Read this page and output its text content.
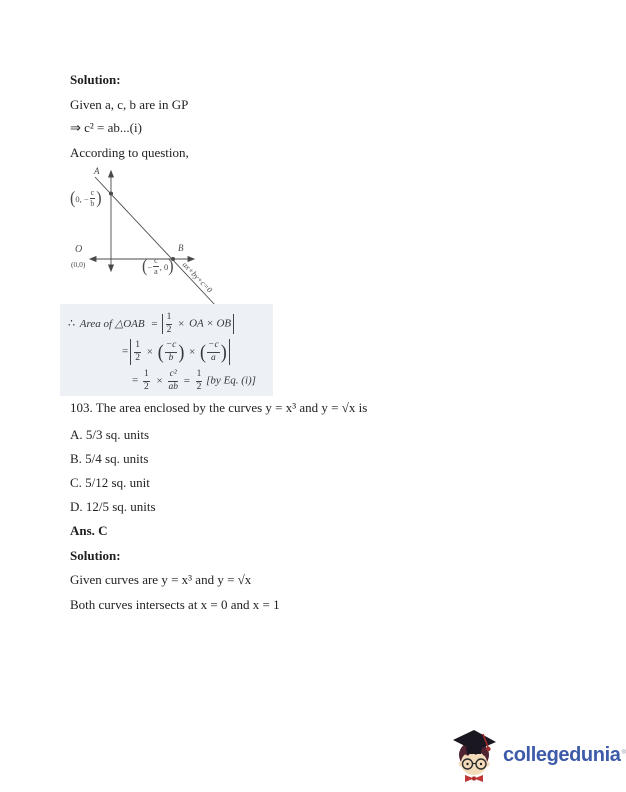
Solution:
Given a, c, b are in GP
⇒ c² = ab...(i)
According to question,
ax+by+c=0
A
O
(0,0)
B
( 0, − $\frac{c}{b}$ )
( − $\frac{c}{a}$ , 0 )
∴ Area of △OAB = $\frac{1}{2}$ × OA × OB
= $\frac{1}{2}$ × ( $\frac{-c}{b}$ ) × ( $\frac{-c}{a}$ )
= $\frac{1}{2} \times \frac{\text{c²}}{ab} = \frac{1}{2} [by$ Eq. (i)]
103. The area enclosed by the curves y = x³ and y = √x is
A. 5/3 sq. units
B. 5/4 sq. units
C. 5/12 sq. unit
D. 12/5 sq. units
Ans. C
Solution:
Given curves are y = x³ and y = √x
Both curves intersects at x = 0 and x = 1
collegedunia®
